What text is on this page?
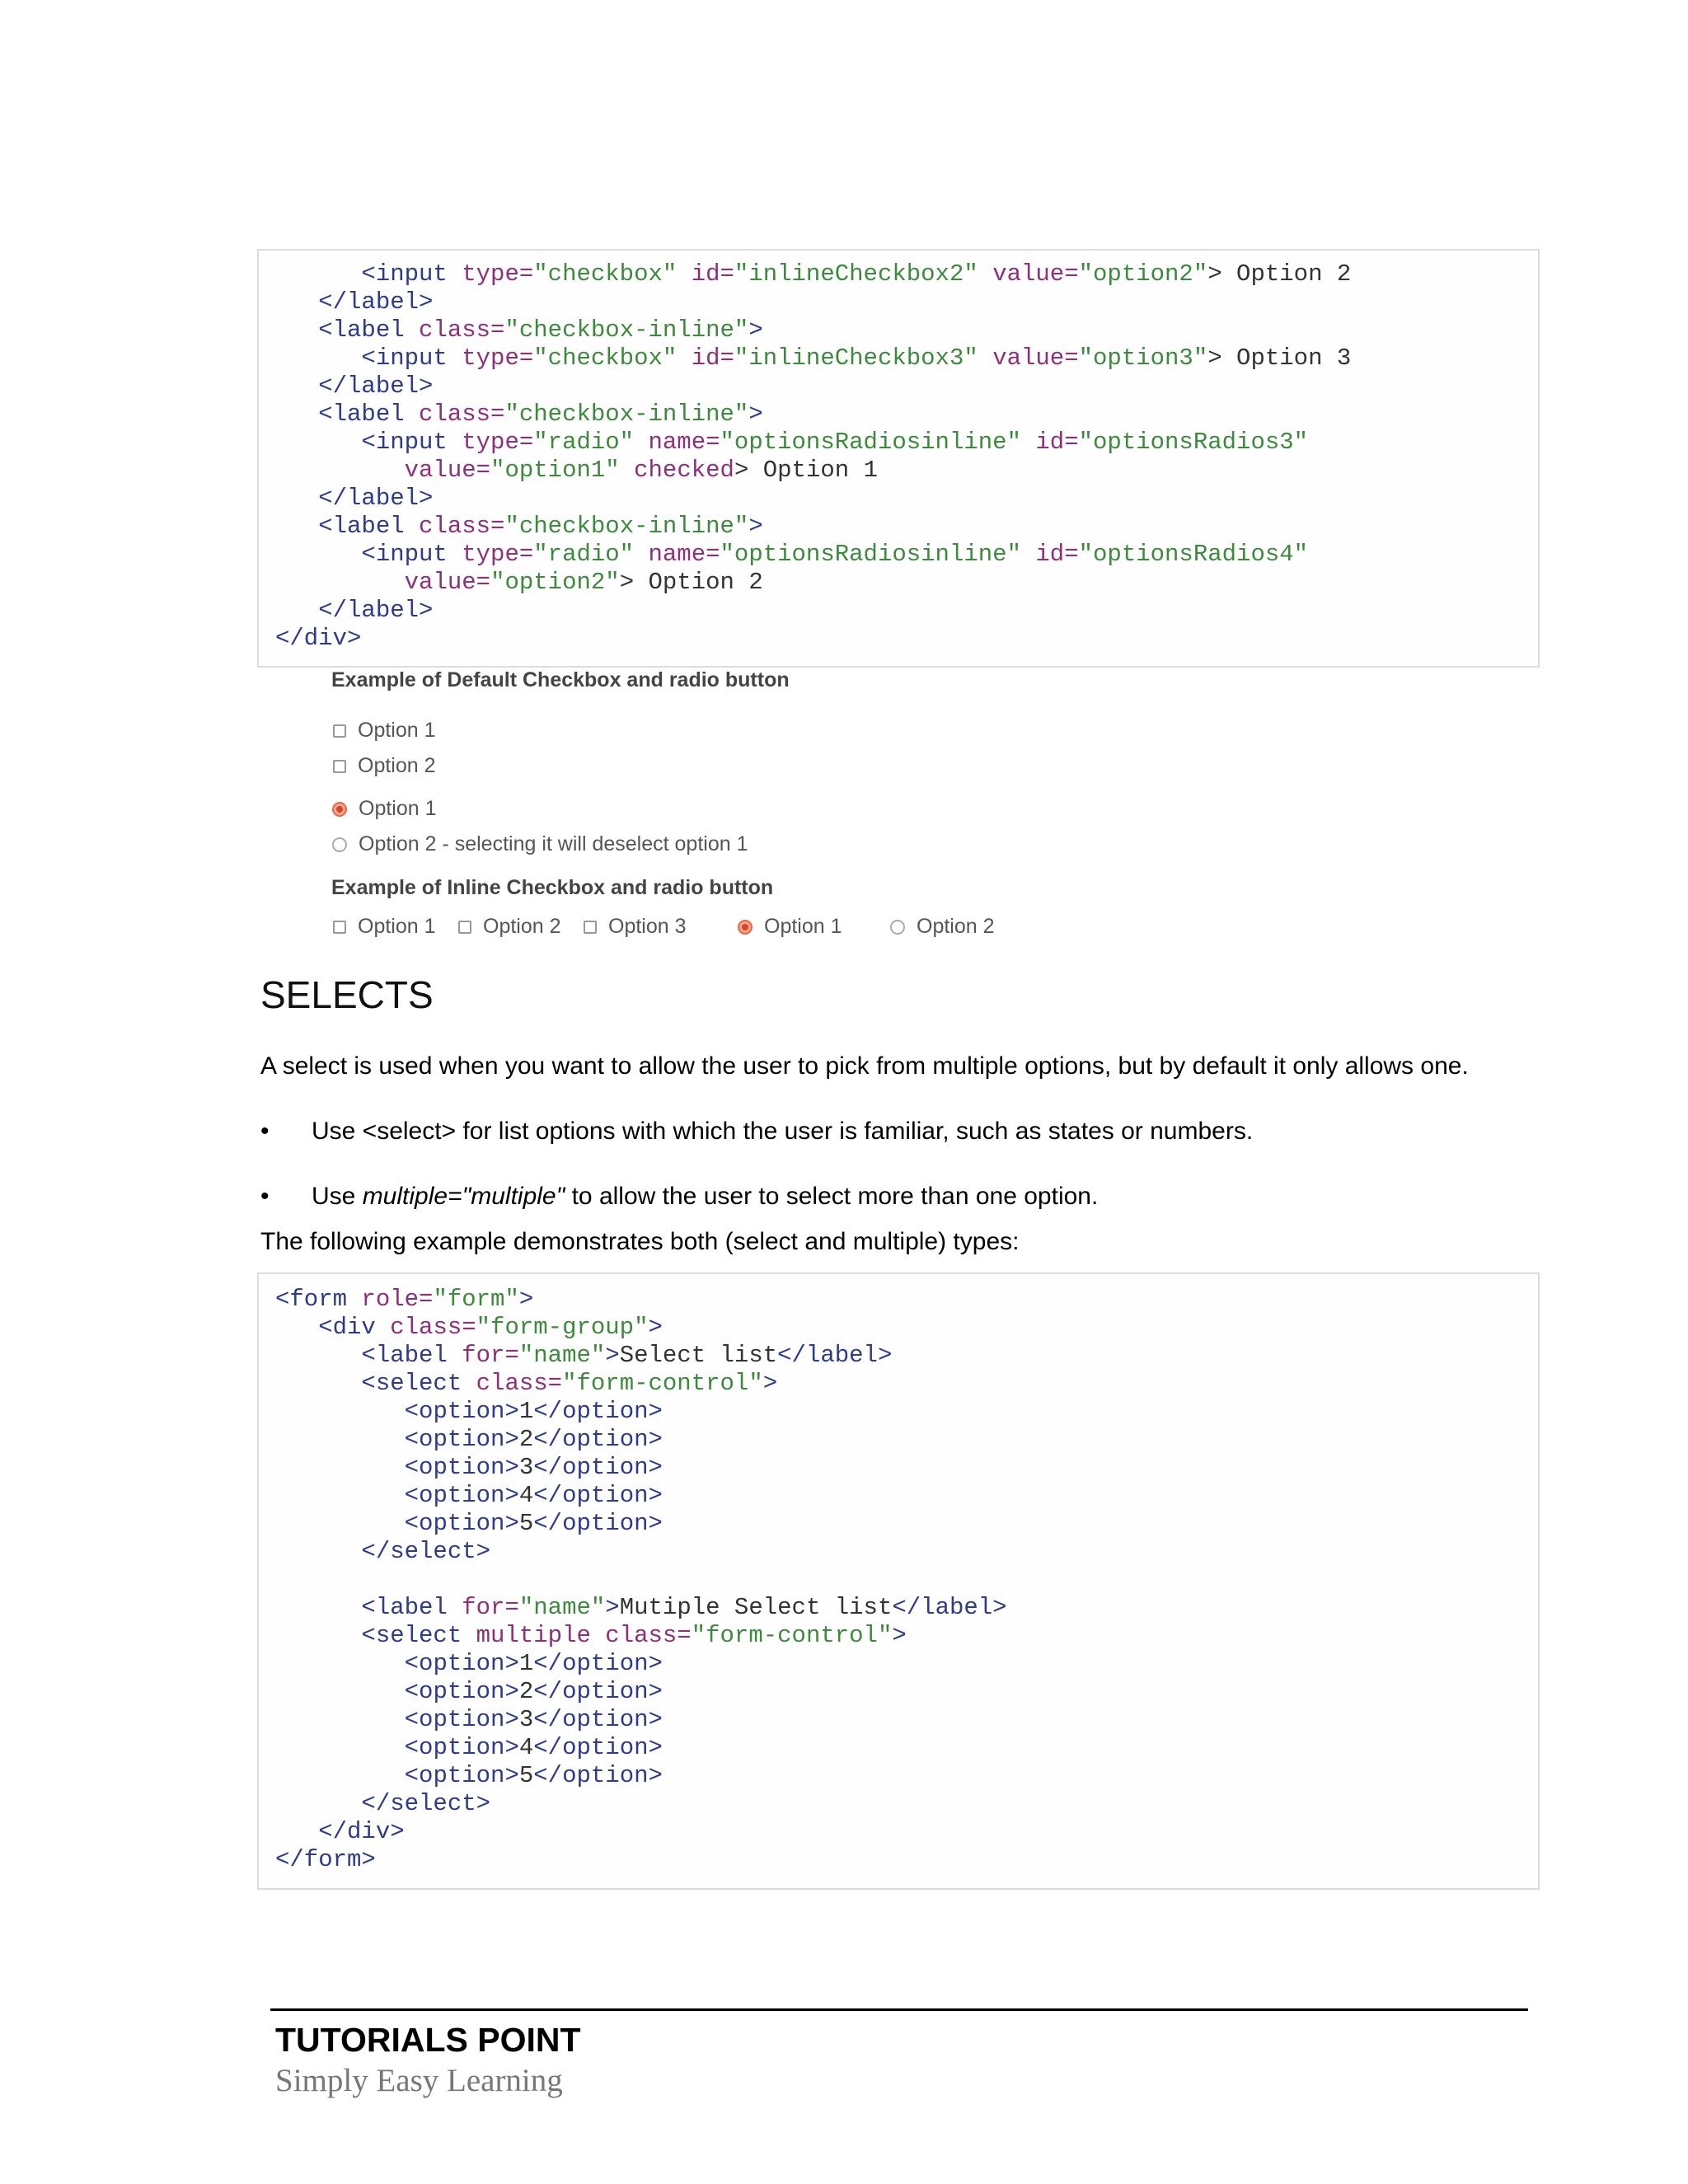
<input type="checkbox" id="inlineCheckbox2" value="option2"> Option 2
</label>
<label class="checkbox-inline">
<input type="checkbox" id="inlineCheckbox3" value="option3"> Option 3
</label>
<label class="checkbox-inline">
<input type="radio" name="optionsRadiosinline" id="optionsRadios3"
value="option1" checked> Option 1
</label>
<label class="checkbox-inline">
<input type="radio" name="optionsRadiosinline" id="optionsRadios4"
value="option2"> Option 2
</label>
</div>
Example of Default Checkbox and radio button
Option 1
Option 2
Option 1
Option 2 - selecting it will deselect option 1
Example of Inline Checkbox and radio button
Option 1 Option 2 Option 3	Option 1	Option 2
SELECTS
A select is used when you want to allow the user to pick from multiple options, but by default it only allows one.
• Use <select> for list options with which the user is familiar, such as states or numbers.
• Use multiple="multiple" to allow the user to select more than one option.
The following example demonstrates both (select and multiple) types:
<form role="form">
<div class="form-group">
<label for="name">Select list</label>
<select class="form-control">
<option>1</option>
<option>2</option>
<option>3</option>
<option>4</option>
<option>5</option>
</select>
<label for="name">Mutiple Select list</label>
<select multiple class="form-control">
<option>1</option>
<option>2</option>
<option>3</option>
<option>4</option>
<option>5</option>
</select>
</div>
</form>
TUTORIALS POINT
Simply Easy Learning
